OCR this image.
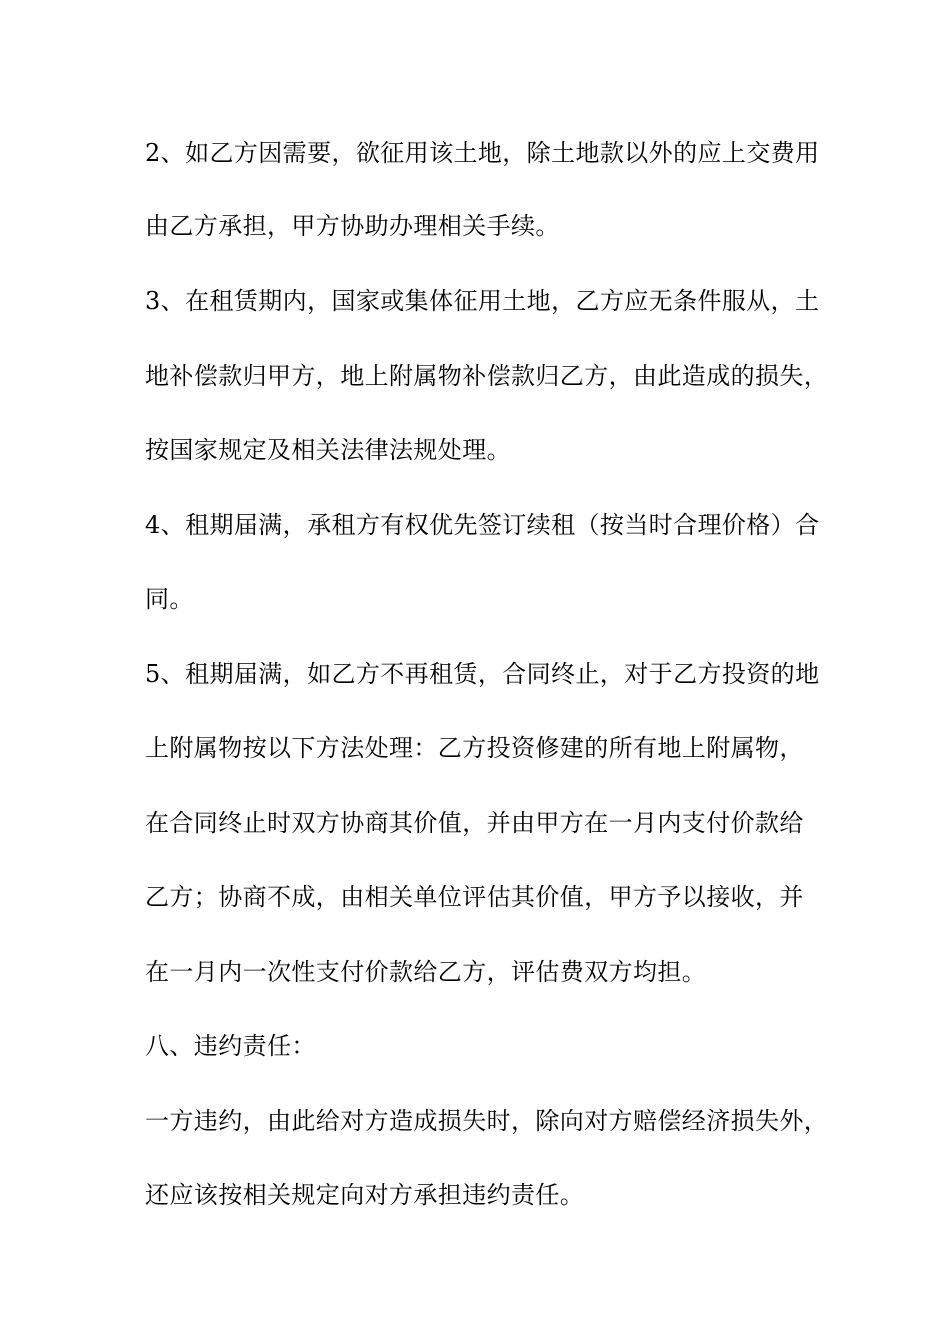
2、如乙方因需要，欲征用该土地，除土地款以外的应上交费用

由乙方承担，甲方协助办理相关手续。

3、在租赁期内，国家或集体征用土地，乙方应无条件服从，土

地补偿款归甲方，地上附属物补偿款归乙方，由此造成的损失，

按国家规定及相关法律法规处理。

4、租期届满，承租方有权优先签订续租（按当时合理价格）合

同。

5、租期届满，如乙方不再租赁，合同终止，对于乙方投资的地

上附属物按以下方法处理：乙方投资修建的所有地上附属物，

在合同终止时双方协商其价值，并由甲方在一月内支付价款给

乙方；协商不成，由相关单位评估其价值，甲方予以接收，并

在一月内一次性支付价款给乙方，评估费双方均担。

八、违约责任：

一方违约，由此给对方造成损失时，除向对方赔偿经济损失外，

还应该按相关规定向对方承担违约责任。
